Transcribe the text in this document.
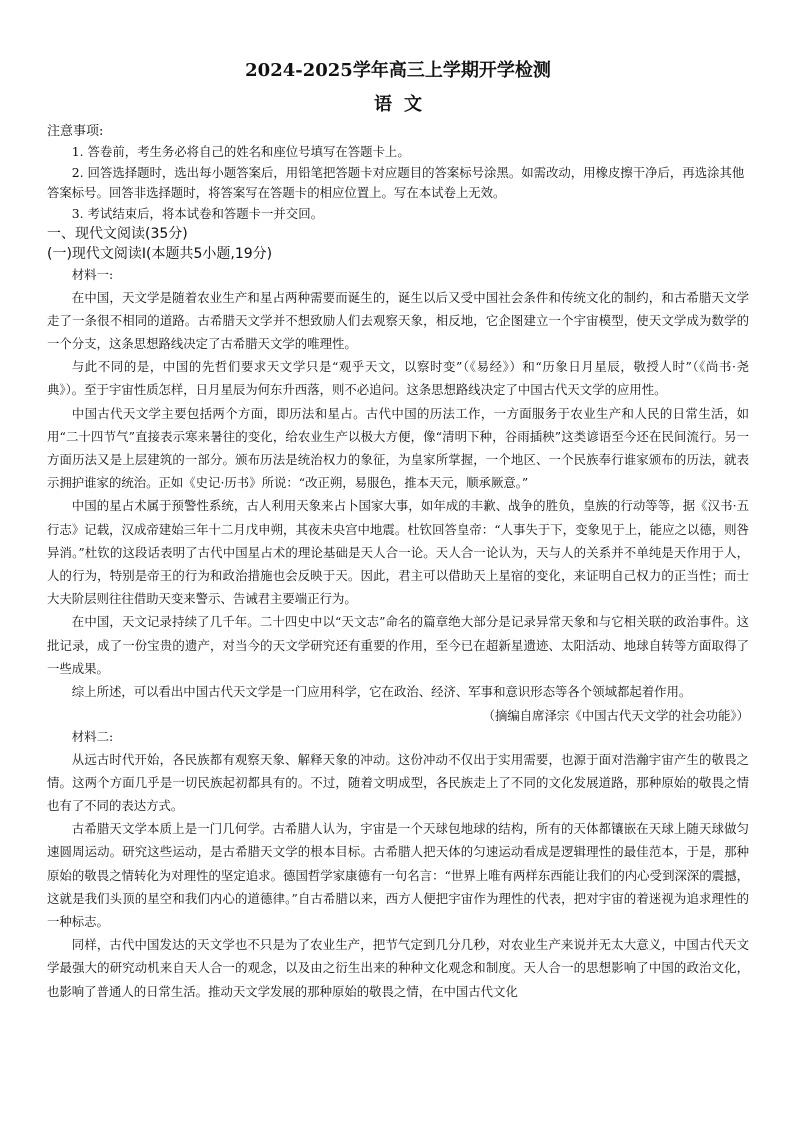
2024-2025学年高三上学期开学检测

语文

注意事项:

1. 答卷前，考生务必将自己的姓名和座位号填写在答题卡上。

2. 回答选择题时，选出每小题答案后，用铅笔把答题卡对应题目的答案标号涂黑。如需改动，用橡皮擦干净后，再选涂其他答案标号。回答非选择题时，将答案写在答题卡的相应位置上。写在本试卷上无效。

3. 考试结束后，将本试卷和答题卡一并交回。

一、现代文阅读(35分)

(一)现代文阅读Ⅰ(本题共5小题,19分)

材料一:

在中国，天文学是随着农业生产和星占两种需要而诞生的，诞生以后又受中国社会条件和传统文化的制约，和古希腊天文学走了一条很不相同的道路。古希腊天文学并不想致励人们去观察天象，相反地，它企图建立一个宇宙模型，使天文学成为数学的一个分支，这条思想路线决定了古希腊天文学的唯理性。

与此不同的是，中国的先哲们要求天文学只是“观乎天文，以察时变”（《易经》）和“历象日月星辰，敬授人时”（《尚书·尧典》）。至于宇宙性质怎样，日月星辰为何东升西落，则不必追问。这条思想路线决定了中国古代天文学的应用性。

中国古代天文学主要包括两个方面，即历法和星占。古代中国的历法工作，一方面服务于农业生产和人民的日常生活，如用“二十四节气”直接表示寒来暑往的变化，给农业生产以极大方便，像“清明下种，谷雨插秧”这类谚语至今还在民间流行。另一方面历法又是上层建筑的一部分。颁布历法是统治权力的象征，为皇家所掌握，一个地区、一个民族奉行谁家颁布的历法，就表示拥护谁家的统治。正如《史记·历书》所说：“改正朔，易服色，推本天元，顺承厥意。”

中国的星占术属于预警性系统，古人利用天象来占卜国家大事，如年成的丰歉、战争的胜负，皇族的行动等等，据《汉书·五行志》记载，汉成帝建始三年十二月戊申朔，其夜未央宫中地震。杜钦回答皇帝：“人事失于下，变象见于上，能应之以德，则咎异消。”杜钦的这段话表明了古代中国星占术的理论基础是天人合一论。天人合一论认为，天与人的关系并不单纯是天作用于人，人的行为，特别是帝王的行为和政治措施也会反映于天。因此，君主可以借助天上星宿的变化，来证明自己权力的正当性；而士大夫阶层则往往借助天变来警示、告诫君主要端正行为。

在中国，天文记录持续了几千年。二十四史中以“天文志”命名的篇章绝大部分是记录异常天象和与它相关联的政治事件。这批记录，成了一份宝贵的遗产，对当今的天文学研究还有重要的作用，至今已在超新星遗迹、太阳活动、地球自转等方面取得了一些成果。

综上所述，可以看出中国古代天文学是一门应用科学，它在政治、经济、军事和意识形态等各个领域都起着作用。

（摘编自席泽宗《中国古代天文学的社会功能》）

材料二:

从远古时代开始，各民族都有观察天象、解释天象的冲动。这份冲动不仅出于实用需要，也源于面对浩瀚宇宙产生的敬畏之情。这两个方面几乎是一切民族起初都具有的。不过，随着文明成型，各民族走上了不同的文化发展道路，那种原始的敬畏之情也有了不同的表达方式。

古希腊天文学本质上是一门几何学。古希腊人认为，宇宙是一个天球包地球的结构，所有的天体都镶嵌在天球上随天球做匀速圆周运动。研究这些运动，是古希腊天文学的根本目标。古希腊人把天体的匀速运动看成是逻辑理性的最佳范本，于是，那种原始的敬畏之情转化为对理性的坚定追求。德国哲学家康德有一句名言：“世界上唯有两样东西能让我们的内心受到深深的震撼，这就是我们头顶的星空和我们内心的道德律。”自古希腊以来，西方人便把宇宙作为理性的代表，把对宇宙的着迷视为追求理性的一种标志。

同样，古代中国发达的天文学也不只是为了农业生产，把节气定到几分几秒，对农业生产来说并无太大意义，中国古代天文学最强大的研究动机来自天人合一的观念，以及由之衍生出来的种种文化观念和制度。天人合一的思想影响了中国的政治文化，也影响了普通人的日常生活。推动天文学发展的那种原始的敬畏之情，在中国古代文化
